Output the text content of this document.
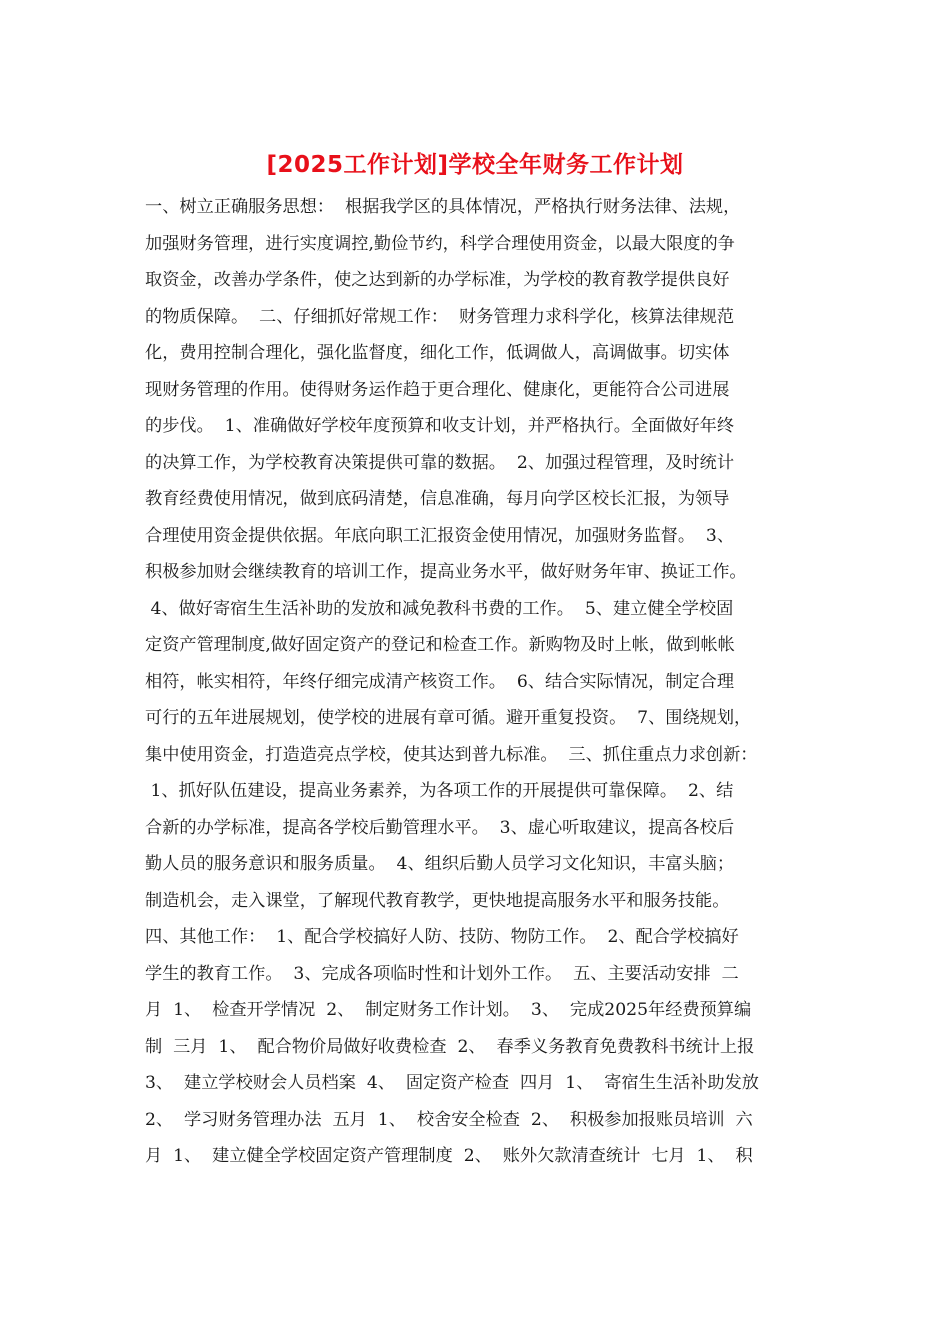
[2025工作计划]学校全年财务工作计划
一、树立正确服务思想：  根据我学区的具体情况，严格执行财务法律、法规，
加强财务管理，进行实度调控,勤俭节约，科学合理使用资金，以最大限度的争
取资金，改善办学条件，使之达到新的办学标准，为学校的教育教学提供良好
的物质保障。  二、仔细抓好常规工作：  财务管理力求科学化，核算法律规范
化，费用控制合理化，强化监督度，细化工作，低调做人，高调做事。切实体
现财务管理的作用。使得财务运作趋于更合理化、健康化，更能符合公司进展
的步伐。  1、准确做好学校年度预算和收支计划，并严格执行。全面做好年终
的决算工作，为学校教育决策提供可靠的数据。  2、加强过程管理，及时统计
教育经费使用情况，做到底码清楚，信息准确，每月向学区校长汇报，为领导
合理使用资金提供依据。年底向职工汇报资金使用情况，加强财务监督。  3、
积极参加财会继续教育的培训工作，提高业务水平，做好财务年审、换证工作。
4、做好寄宿生生活补助的发放和减免教科书费的工作。  5、建立健全学校固
定资产管理制度,做好固定资产的登记和检查工作。新购物及时上帐，做到帐帐
相符，帐实相符，年终仔细完成清产核资工作。  6、结合实际情况，制定合理
可行的五年进展规划，使学校的进展有章可循。避开重复投资。  7、围绕规划，
集中使用资金，打造造亮点学校，使其达到普九标准。  三、抓住重点力求创新：
1、抓好队伍建设，提高业务素养，为各项工作的开展提供可靠保障。  2、结
合新的办学标准，提高各学校后勤管理水平。  3、虚心听取建议，提高各校后
勤人员的服务意识和服务质量。  4、组织后勤人员学习文化知识，丰富头脑；
制造机会，走入课堂，了解现代教育教学，更快地提高服务水平和服务技能。
四、其他工作：  1、配合学校搞好人防、技防、物防工作。  2、配合学校搞好
学生的教育工作。  3、完成各项临时性和计划外工作。  五、主要活动安排  二
月  1、  检查开学情况  2、  制定财务工作计划。  3、  完成2025年经费预算编
制  三月  1、  配合物价局做好收费检查  2、  春季义务教育免费教科书统计上报
3、  建立学校财会人员档案  4、  固定资产检查  四月  1、  寄宿生生活补助发放
2、  学习财务管理办法  五月  1、  校舍安全检查  2、  积极参加报账员培训  六
月  1、  建立健全学校固定资产管理制度  2、  账外欠款清查统计  七月  1、  积
